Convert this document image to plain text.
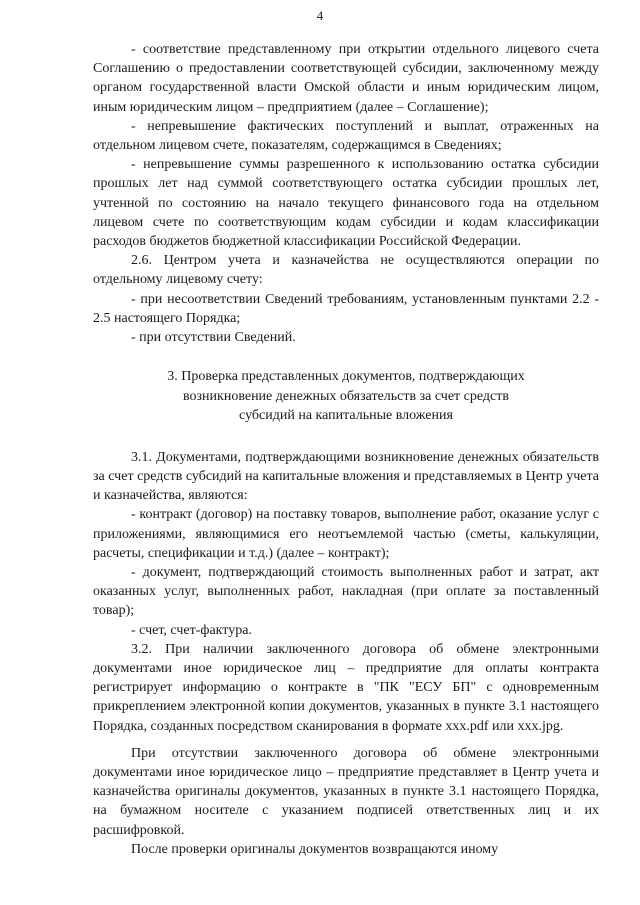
4

- соответствие представленному при открытии отдельного лицевого счета Соглашению о предоставлении соответствующей субсидии, заключенному между органом государственной власти Омской области и иным юридическим лицом, иным юридическим лицом – предприятием (далее – Соглашение);

- непревышение фактических поступлений и выплат, отраженных на отдельном лицевом счете, показателям, содержащимся в Сведениях;

- непревышение суммы разрешенного к использованию остатка субсидии прошлых лет над суммой соответствующего остатка субсидии прошлых лет, учтенной по состоянию на начало текущего финансового года на отдельном лицевом счете по соответствующим кодам субсидии и кодам классификации расходов бюджетов бюджетной классификации Российской Федерации.

2.6. Центром учета и казначейства не осуществляются операции по отдельному лицевому счету:

- при несоответствии Сведений требованиям, установленным пунктами 2.2 - 2.5 настоящего Порядка;

- при отсутствии Сведений.

3. Проверка представленных документов, подтверждающих
возникновение денежных обязательств за счет средств
субсидий на капитальные вложения

3.1. Документами, подтверждающими возникновение денежных обязательств за счет средств субсидий на капитальные вложения и представляемых в Центр учета и казначейства, являются:

- контракт (договор) на поставку товаров, выполнение работ, оказание услуг с приложениями, являющимися его неотъемлемой частью (сметы, калькуляции, расчеты, спецификации и т.д.) (далее – контракт);

- документ, подтверждающий стоимость выполненных работ и затрат, акт оказанных услуг, выполненных работ, накладная (при оплате за поставленный товар);

- счет, счет-фактура.

3.2. При наличии заключенного договора об обмене электронными документами иное юридическое лиц – предприятие для оплаты контракта регистрирует информацию о контракте в "ПК "ЕСУ БП" с одновременным прикреплением электронной копии документов, указанных в пункте 3.1 настоящего Порядка, созданных посредством сканирования в формате xxx.pdf или xxx.jpg.

При отсутствии заключенного договора об обмене электронными документами иное юридическое лицо – предприятие представляет в Центр учета и казначейства оригиналы документов, указанных в пункте 3.1 настоящего Порядка, на бумажном носителе с указанием подписей ответственных лиц и их расшифровкой.

После проверки оригиналы документов возвращаются иному
